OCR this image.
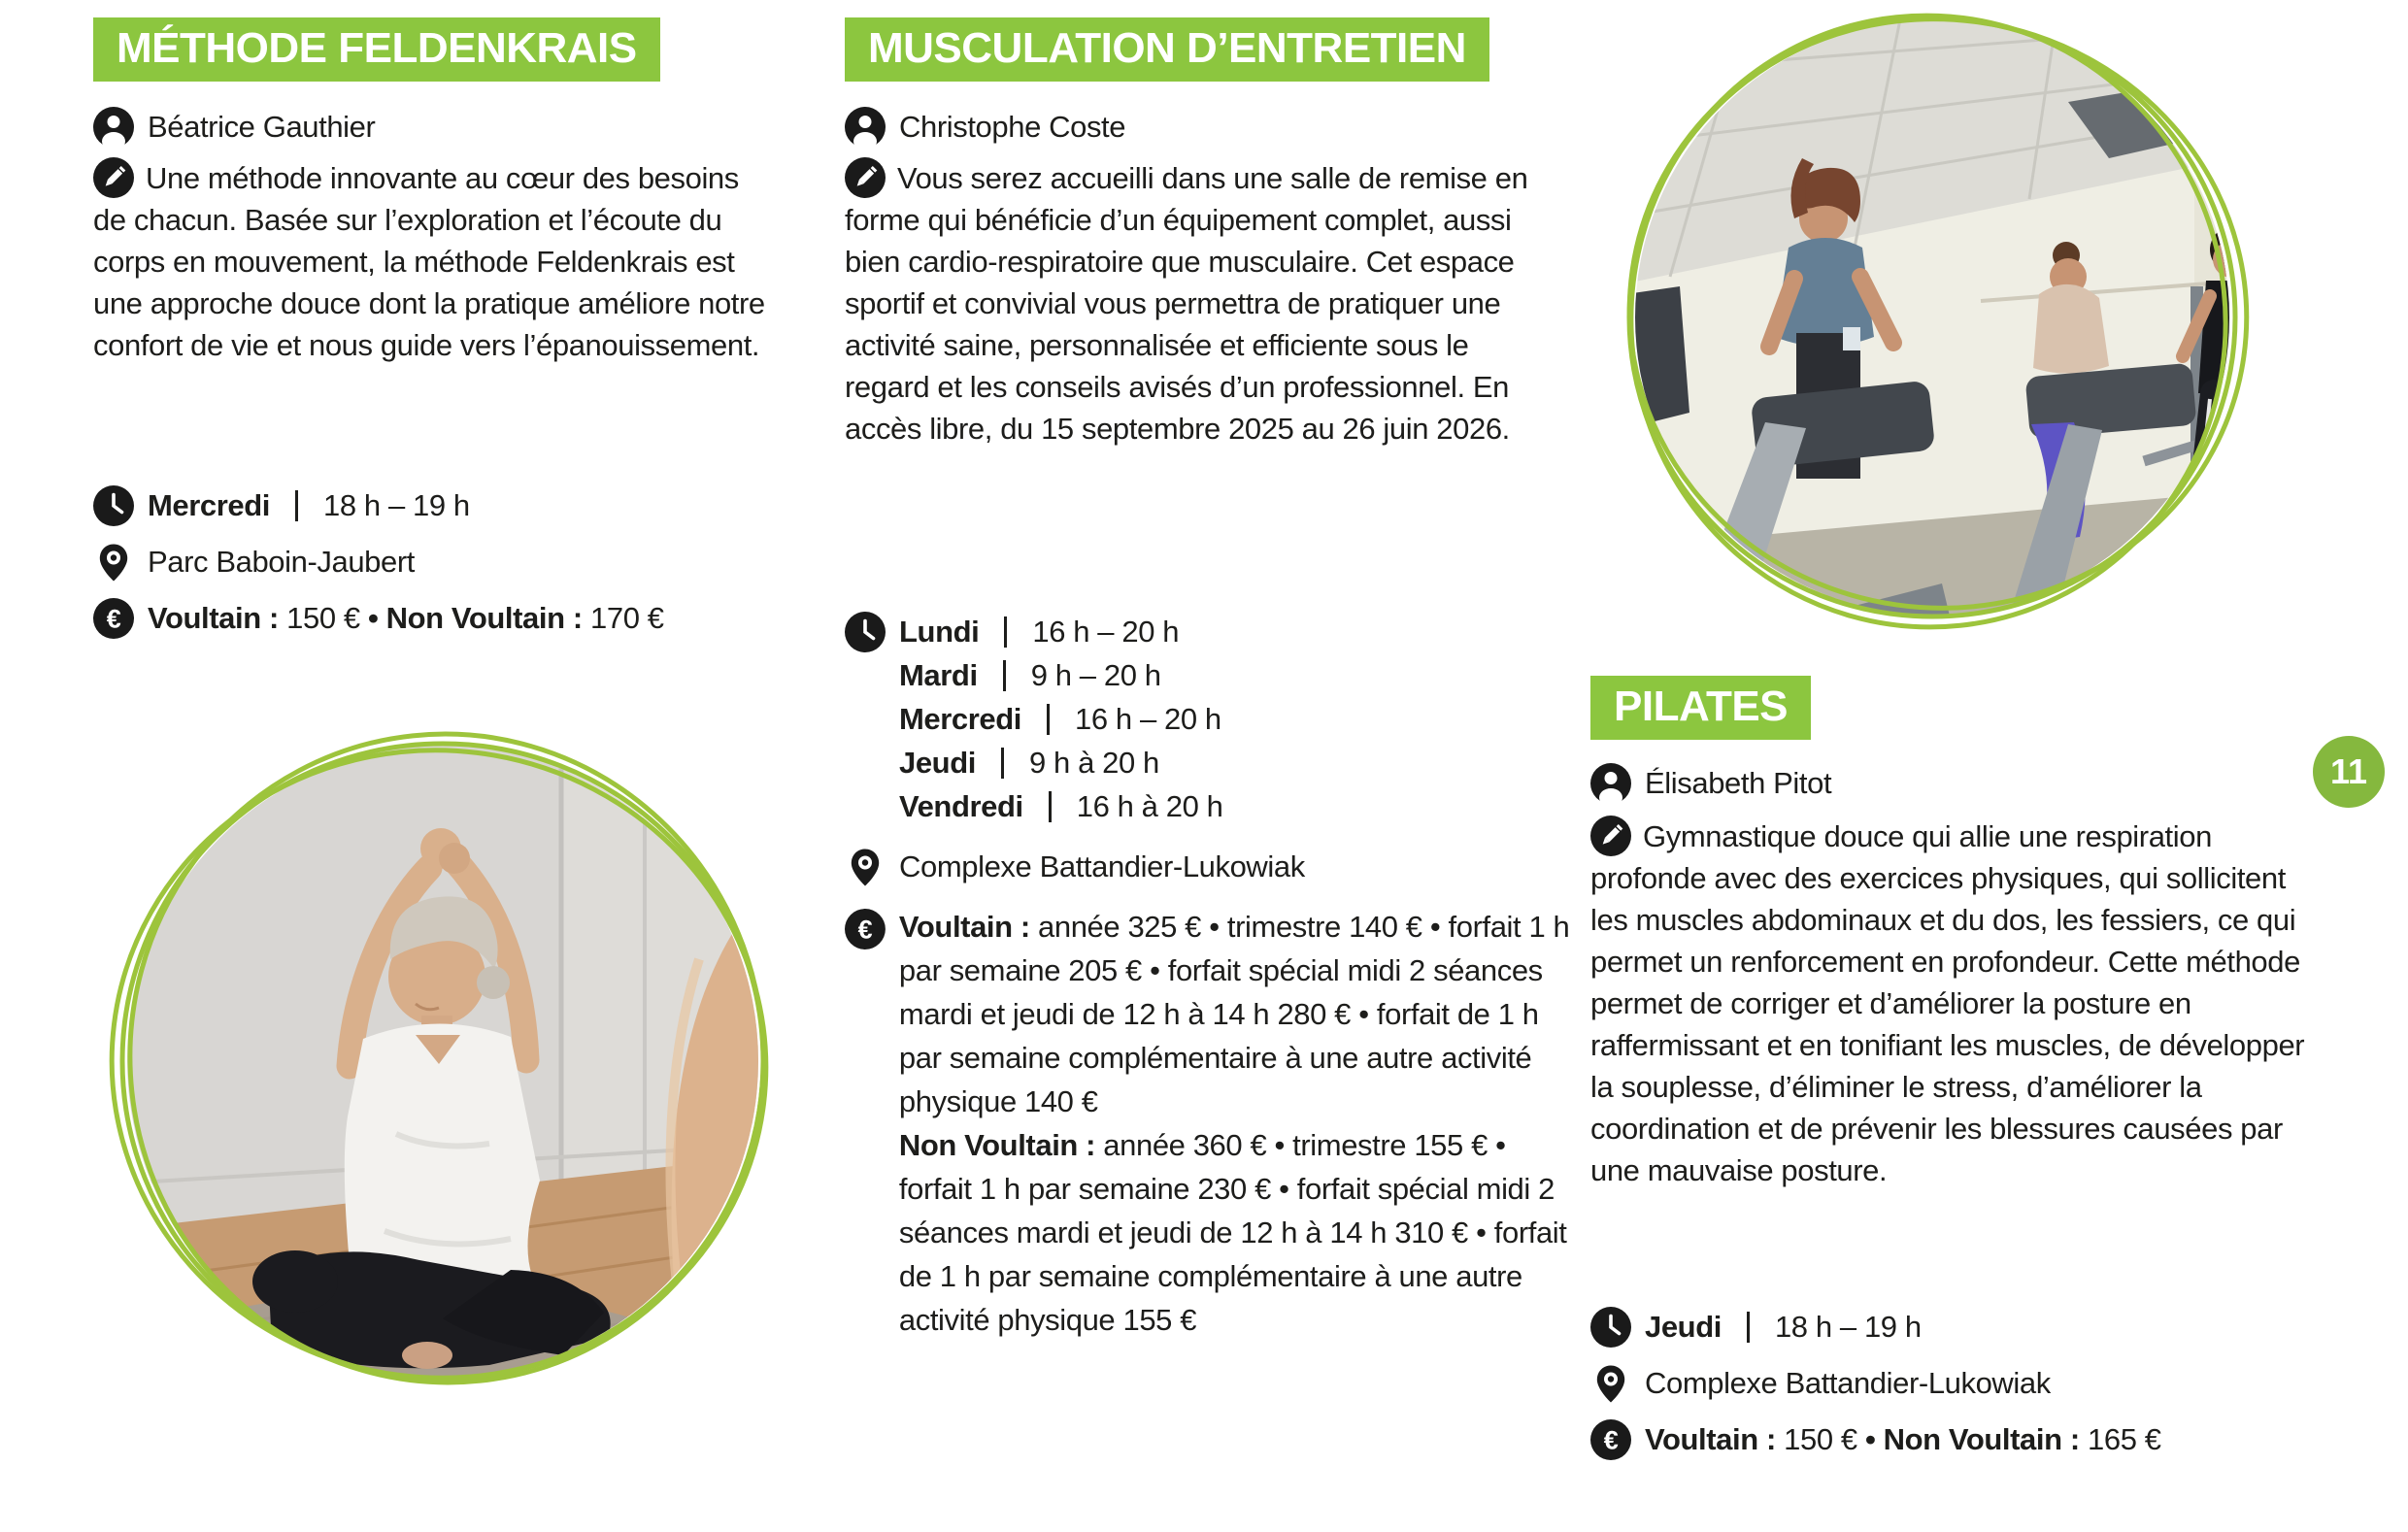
MÉTHODE FELDENKRAIS
Béatrice Gauthier

Une méthode innovante au cœur des besoins de chacun. Basée sur l’exploration et l’écoute du corps en mouvement, la méthode Feldenkrais est une approche douce dont la pratique améliore notre confort de vie et nous guide vers l’épanouissement.

Mercredi 18 h – 19 h
Parc Baboin-Jaubert
€ Voultain : 150 € • Non Voultain : 170 €
MUSCULATION D’ENTRETIEN
Christophe Coste

Vous serez accueilli dans une salle de remise en forme qui bénéficie d’un équipement complet, aussi bien cardio-respiratoire que musculaire. Cet espace sportif et convivial vous permettra de pratiquer une activité saine, personnalisée et efficiente sous le regard et les conseils avisés d’un professionnel. En accès libre, du 15 septembre 2025 au 26 juin 2026.

Lundi 16 h – 20 h
Mardi 9 h – 20 h
Mercredi 16 h – 20 h
Jeudi 9 h à 20 h
Vendredi 16 h à 20 h
Complexe Battandier-Lukowiak
€ Voultain : année 325 € • trimestre 140 € • forfait 1 h par semaine 205 € • forfait spécial midi 2 séances mardi et jeudi de 12 h à 14 h 280 € • forfait de 1 h par semaine complémentaire à une autre activité physique 140 €

Non Voultain : année 360 € • trimestre 155 € • forfait 1 h par semaine 230 € • forfait spécial midi 2 séances mardi et jeudi de 12 h à 14 h 310 € • forfait de 1 h par semaine complémentaire à une autre activité physique 155 €

PILATES
Élisabeth Pitot

Gymnastique douce qui allie une respiration profonde avec des exercices physiques, qui sollicitent les muscles abdominaux et du dos, les fessiers, ce qui permet un renforcement en profondeur. Cette méthode permet de corriger et d’améliorer la posture en raffermissant et en tonifiant les muscles, de développer la souplesse, d’éliminer le stress, d’améliorer la coordination et de prévenir les blessures causées par une mauvaise posture.

Jeudi 18 h – 19 h
Complexe Battandier-Lukowiak
€ Voultain : 150 € • Non Voultain : 165 €
11
